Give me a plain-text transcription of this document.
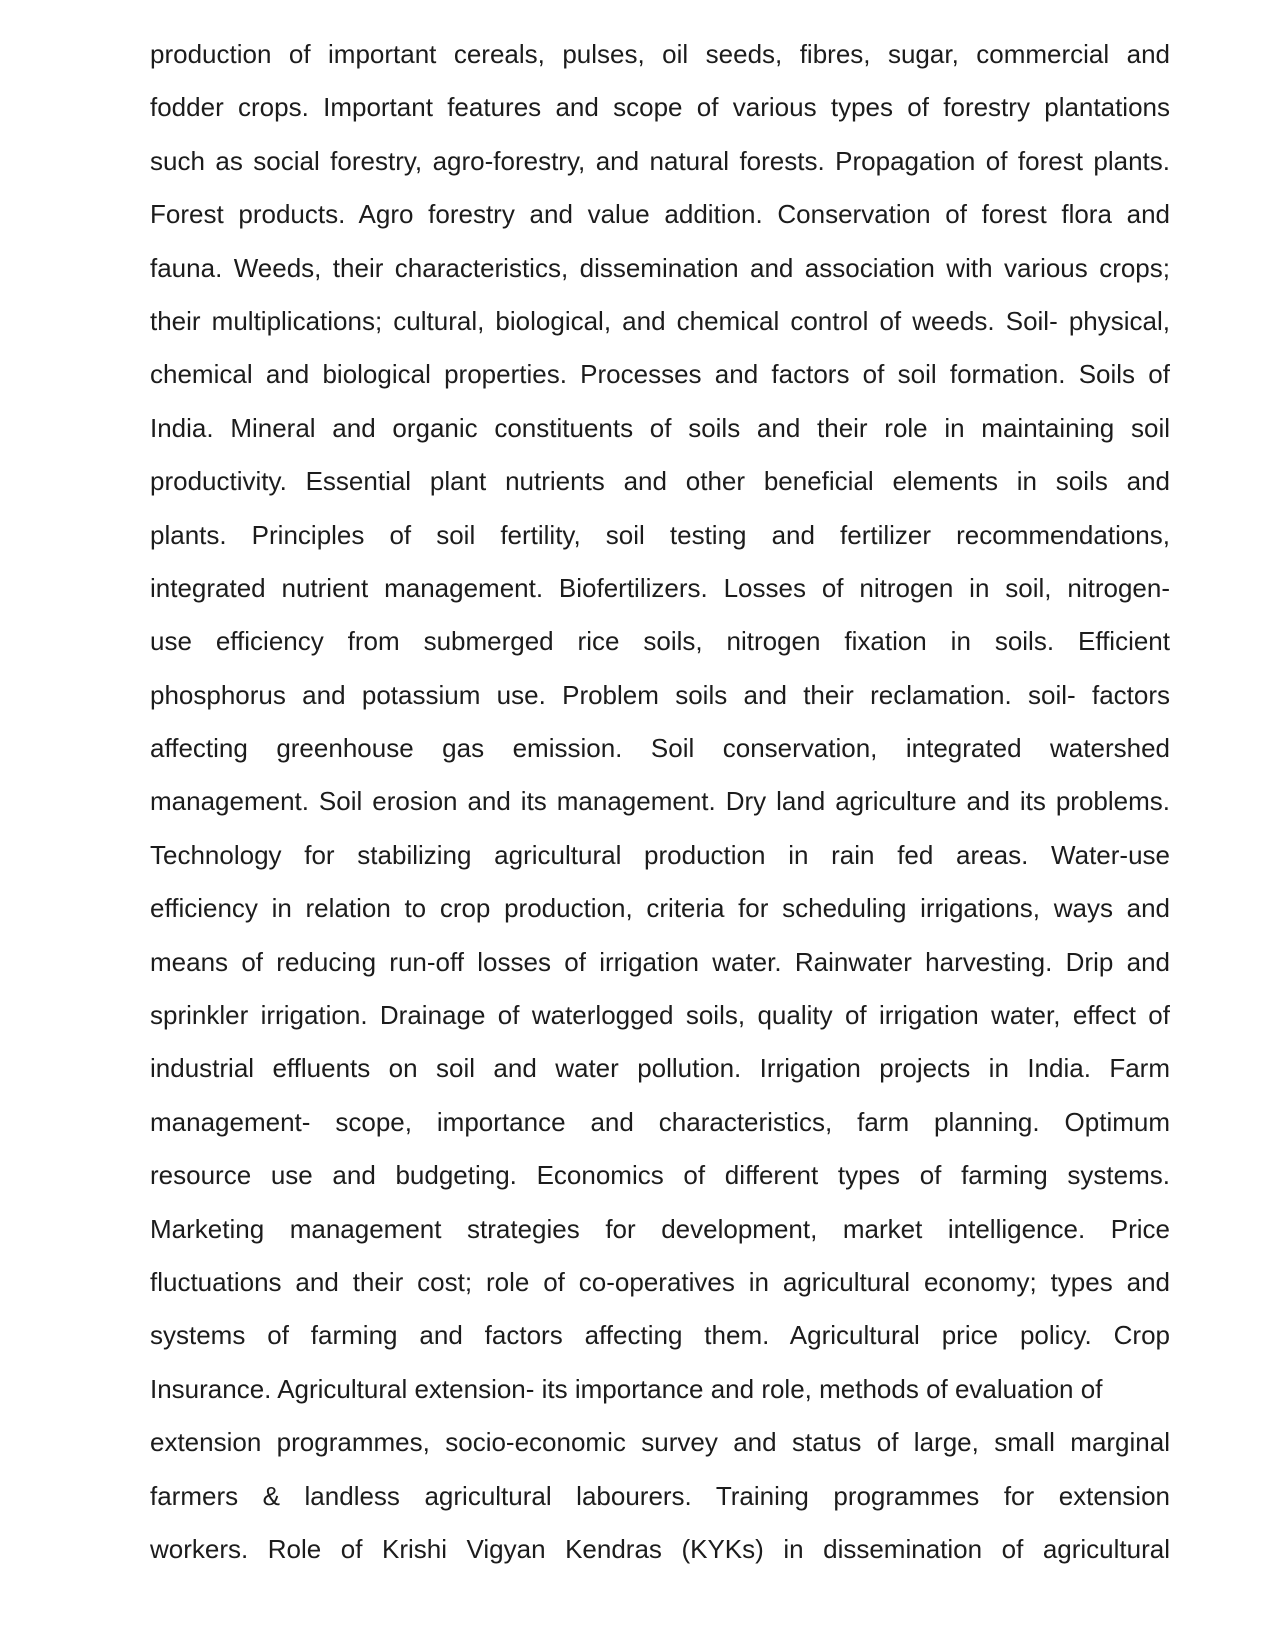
production of important cereals, pulses, oil seeds, fibres, sugar, commercial and
fodder crops. Important features and scope of various types of forestry plantations
such as social forestry, agro-forestry, and natural forests. Propagation of forest plants.
Forest products. Agro forestry and value addition. Conservation of forest flora and
fauna. Weeds, their characteristics, dissemination and association with various crops;
their multiplications; cultural, biological, and chemical control of weeds. Soil- physical,
chemical and biological properties. Processes and factors of soil formation. Soils of
India. Mineral and organic constituents of soils and their role in maintaining soil
productivity. Essential plant nutrients and other beneficial elements in soils and
plants. Principles of soil fertility, soil testing and fertilizer recommendations,
integrated nutrient management. Biofertilizers. Losses of nitrogen in soil, nitrogen-
use efficiency from submerged rice soils, nitrogen fixation in soils. Efficient
phosphorus and potassium use. Problem soils and their reclamation. soil- factors
affecting greenhouse gas emission. Soil conservation, integrated watershed
management. Soil erosion and its management. Dry land agriculture and its problems.
Technology for stabilizing agricultural production in rain fed areas. Water-use
efficiency in relation to crop production, criteria for scheduling irrigations, ways and
means of reducing run-off losses of irrigation water. Rainwater harvesting. Drip and
sprinkler irrigation. Drainage of waterlogged soils, quality of irrigation water, effect of
industrial effluents on soil and water pollution. Irrigation projects in India. Farm
management- scope, importance and characteristics, farm planning. Optimum
resource use and budgeting. Economics of different types of farming systems.
Marketing management strategies for development, market intelligence. Price
fluctuations and their cost; role of co-operatives in agricultural economy; types and
systems of farming and factors affecting them. Agricultural price policy. Crop
Insurance. Agricultural extension- its importance and role, methods of evaluation of
extension programmes, socio-economic survey and status of large, small marginal
farmers & landless agricultural labourers. Training programmes for extension
workers. Role of Krishi Vigyan Kendras (KYKs) in dissemination of agricultural
